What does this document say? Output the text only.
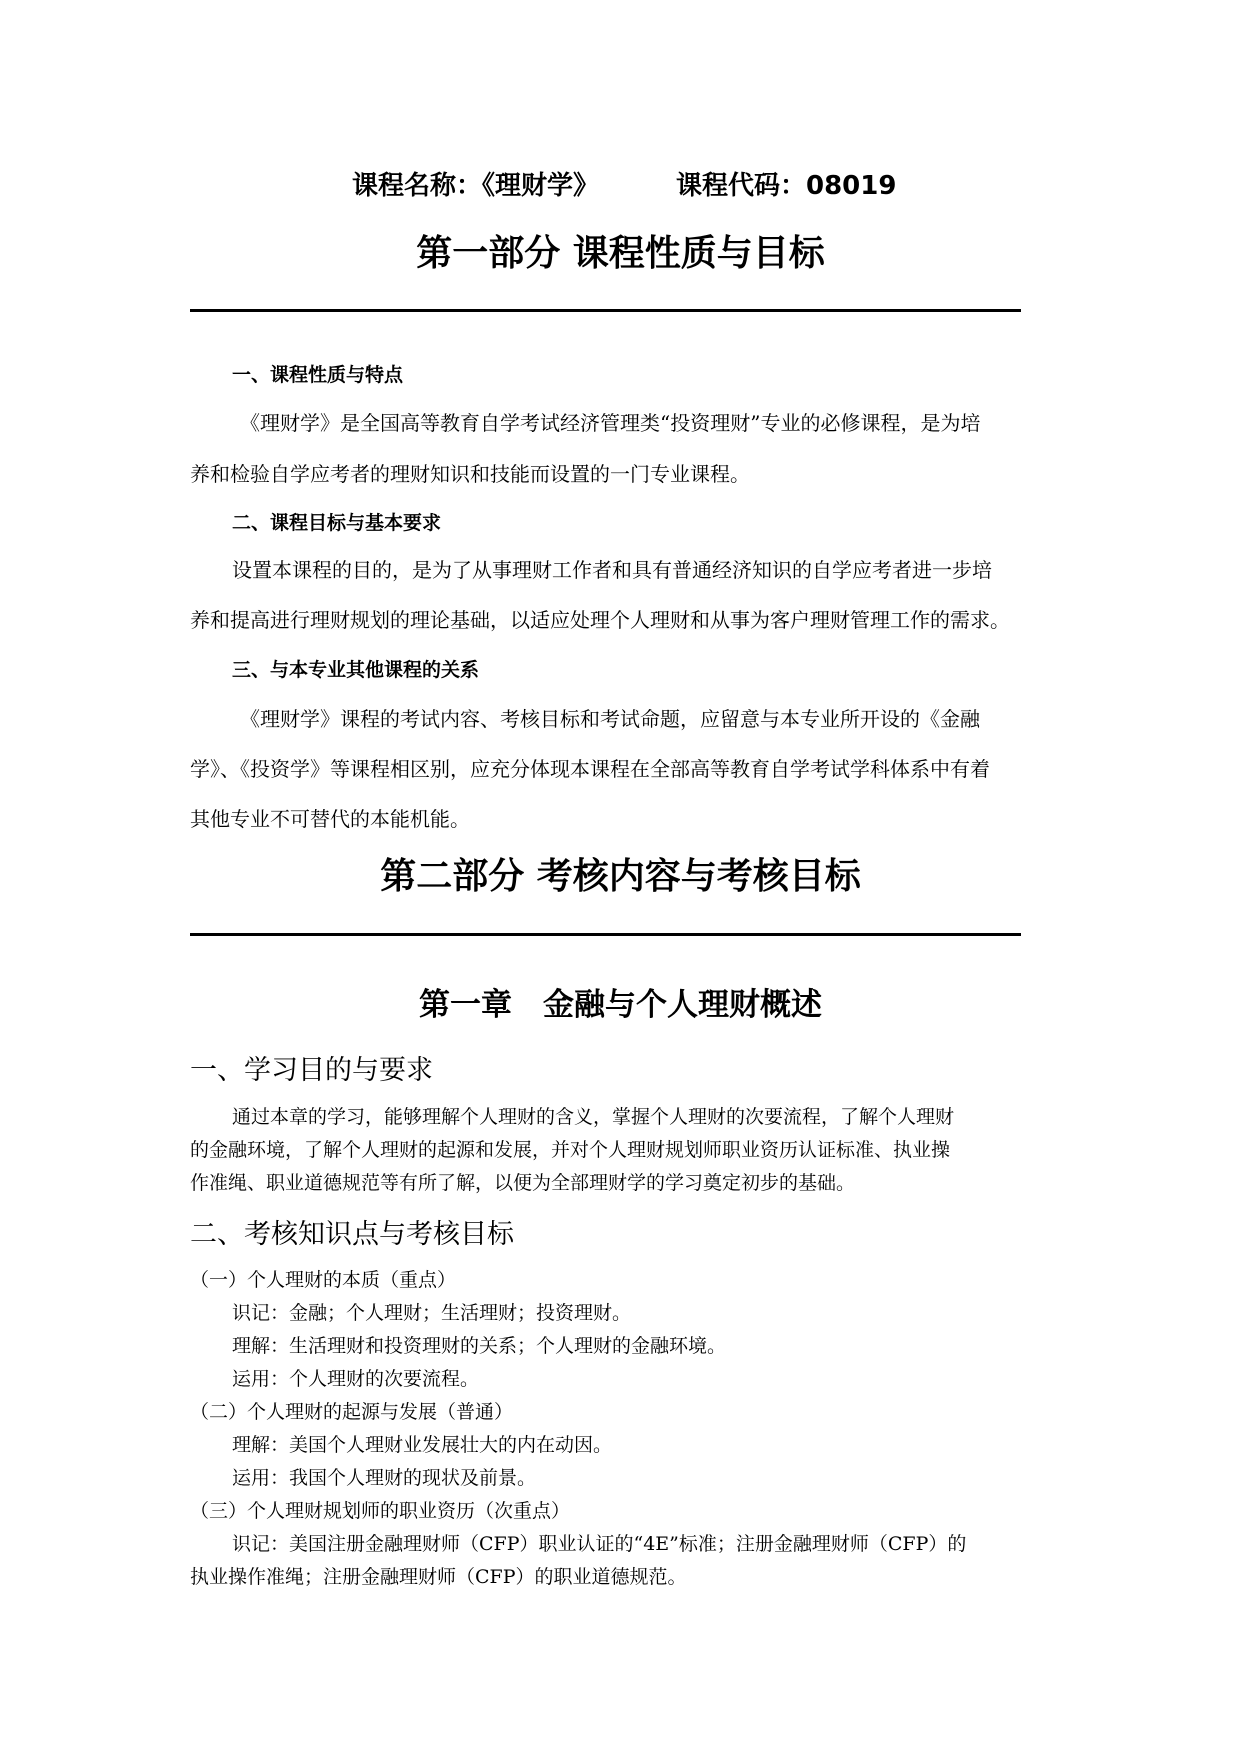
课程名称：《理财学》	课程代码：08019
第一部分 课程性质与目标
一、课程性质与特点
《理财学》是全国高等教育自学考试经济管理类“投资理财”专业的必修课程，是为培
养和检验自学应考者的理财知识和技能而设置的一门专业课程。
二、课程目标与基本要求
设置本课程的目的，是为了从事理财工作者和具有普通经济知识的自学应考者进一步培
养和提高进行理财规划的理论基础，以适应处理个人理财和从事为客户理财管理工作的需求。
三、与本专业其他课程的关系
《理财学》课程的考试内容、考核目标和考试命题，应留意与本专业所开设的《金融
学》、《投资学》等课程相区别，应充分体现本课程在全部高等教育自学考试学科体系中有着
其他专业不可替代的本能机能。
第二部分 考核内容与考核目标
第一章　金融与个人理财概述
一、学习目的与要求
通过本章的学习，能够理解个人理财的含义，掌握个人理财的次要流程，了解个人理财
的金融环境，了解个人理财的起源和发展，并对个人理财规划师职业资历认证标准、执业操
作准绳、职业道德规范等有所了解，以便为全部理财学的学习奠定初步的基础。
二、考核知识点与考核目标
（一）个人理财的本质（重点）
识记：金融；个人理财；生活理财；投资理财。
理解：生活理财和投资理财的关系；个人理财的金融环境。
运用：个人理财的次要流程。
（二）个人理财的起源与发展（普通）
理解：美国个人理财业发展壮大的内在动因。
运用：我国个人理财的现状及前景。
（三）个人理财规划师的职业资历（次重点）
识记：美国注册金融理财师（CFP）职业认证的“4E”标准；注册金融理财师（CFP）的
执业操作准绳；注册金融理财师（CFP）的职业道德规范。
